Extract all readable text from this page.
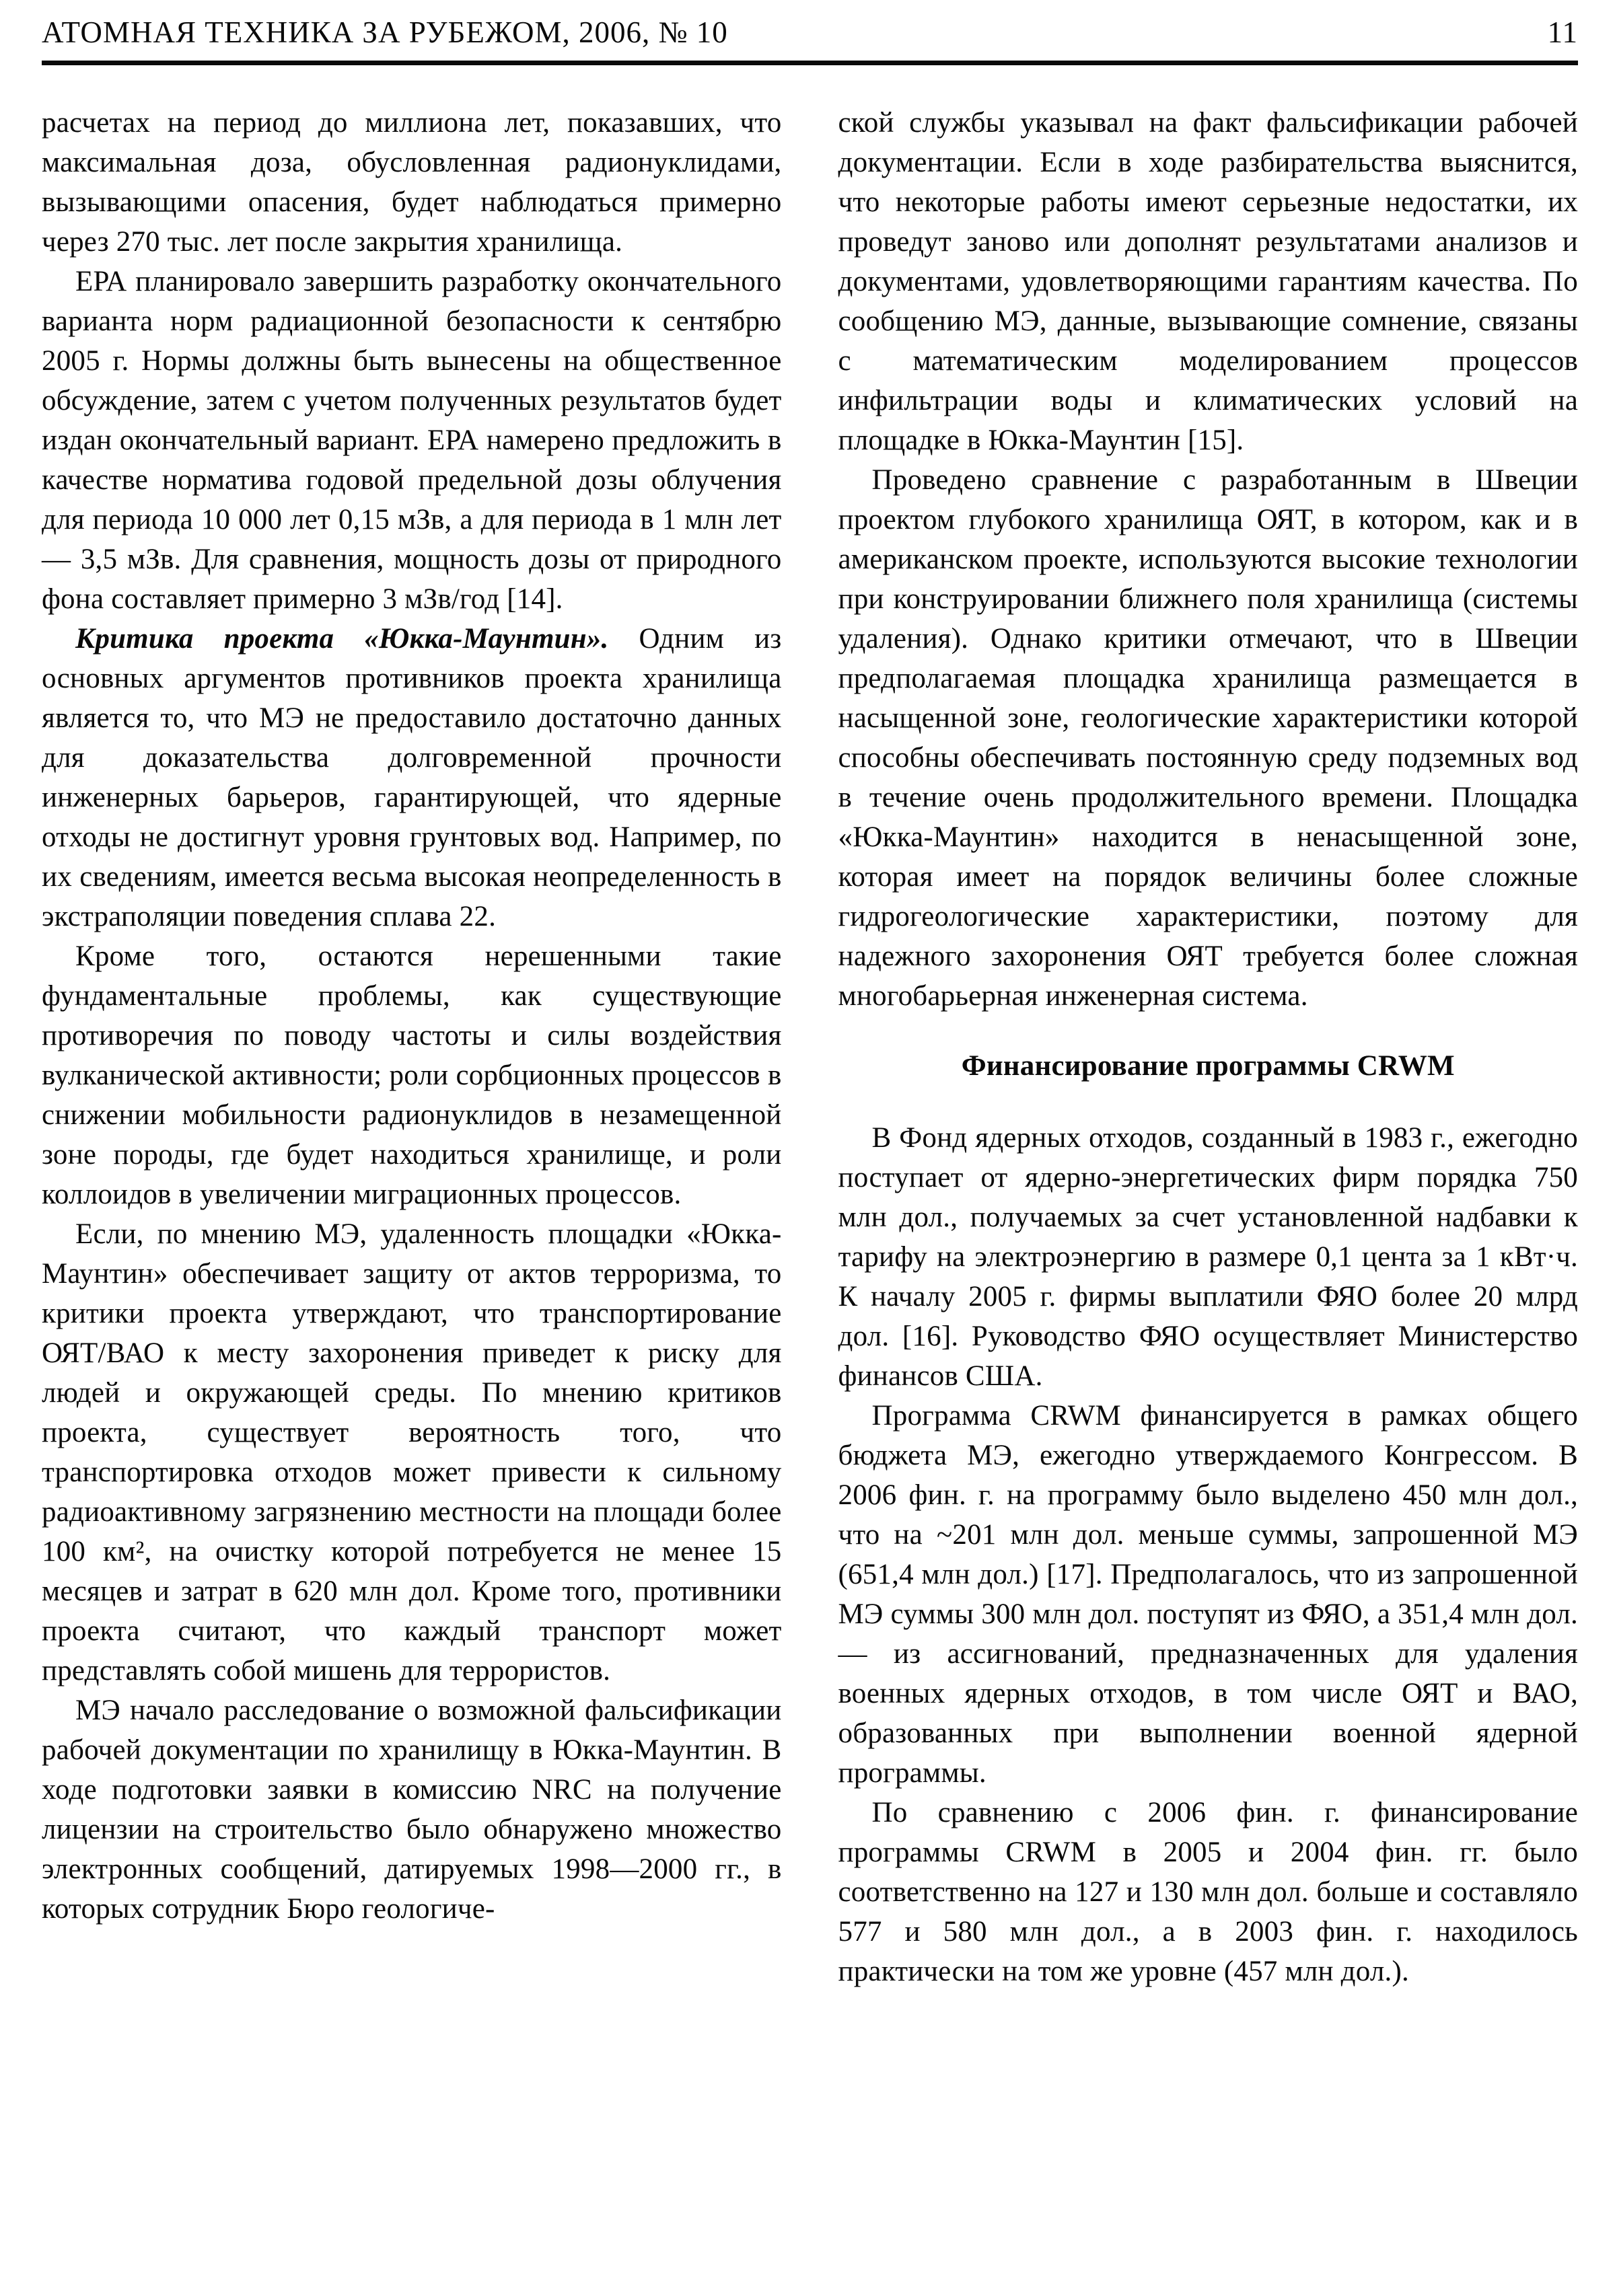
АТОМНАЯ ТЕХНИКА ЗА РУБЕЖОМ, 2006, № 10	11

расчетах на период до миллиона лет, показавших, что максимальная доза, обусловленная радионуклидами, вызывающими опасения, будет наблюдаться примерно через 270 тыс. лет после закрытия хранилища.

ЕРА планировало завершить разработку окончательного варианта норм радиационной безопасности к сентябрю 2005 г. Нормы должны быть вынесены на общественное обсуждение, затем с учетом полученных результатов будет издан окончательный вариант. ЕРА намерено предложить в качестве норматива годовой предельной дозы облучения для периода 10 000 лет 0,15 мЗв, а для периода в 1 млн лет — 3,5 мЗв. Для сравнения, мощность дозы от природного фона составляет примерно 3 мЗв/год [14].

Критика проекта «Юкка-Маунтин». Одним из основных аргументов противников проекта хранилища является то, что МЭ не предоставило достаточно данных для доказательства долговременной прочности инженерных барьеров, гарантирующей, что ядерные отходы не достигнут уровня грунтовых вод. Например, по их сведениям, имеется весьма высокая неопределенность в экстраполяции поведения сплава 22.

Кроме того, остаются нерешенными такие фундаментальные проблемы, как существующие противоречия по поводу частоты и силы воздействия вулканической активности; роли сорбционных процессов в снижении мобильности радионуклидов в незамещенной зоне породы, где будет находиться хранилище, и роли коллоидов в увеличении миграционных процессов.

Если, по мнению МЭ, удаленность площадки «Юкка-Маунтин» обеспечивает защиту от актов терроризма, то критики проекта утверждают, что транспортирование ОЯТ/ВАО к месту захоронения приведет к риску для людей и окружающей среды. По мнению критиков проекта, существует вероятность того, что транспортировка отходов может привести к сильному радиоактивному загрязнению местности на площади более 100 км², на очистку которой потребуется не менее 15 месяцев и затрат в 620 млн дол. Кроме того, противники проекта считают, что каждый транспорт может представлять собой мишень для террористов.

МЭ начало расследование о возможной фальсификации рабочей документации по хранилищу в Юкка-Маунтин. В ходе подготовки заявки в комиссию NRC на получение лицензии на строительство было обнаружено множество электронных сообщений, датируемых 1998—2000 гг., в которых сотрудник Бюро геологиче-

ской службы указывал на факт фальсификации рабочей документации. Если в ходе разбирательства выяснится, что некоторые работы имеют серьезные недостатки, их проведут заново или дополнят результатами анализов и документами, удовлетворяющими гарантиям качества. По сообщению МЭ, данные, вызывающие сомнение, связаны с математическим моделированием процессов инфильтрации воды и климатических условий на площадке в Юкка-Маунтин [15].

Проведено сравнение с разработанным в Швеции проектом глубокого хранилища ОЯТ, в котором, как и в американском проекте, используются высокие технологии при конструировании ближнего поля хранилища (системы удаления). Однако критики отмечают, что в Швеции предполагаемая площадка хранилища размещается в насыщенной зоне, геологические характеристики которой способны обеспечивать постоянную среду подземных вод в течение очень продолжительного времени. Площадка «Юкка-Маунтин» находится в ненасыщенной зоне, которая имеет на порядок величины более сложные гидрогеологические характеристики, поэтому для надежного захоронения ОЯТ требуется более сложная многобарьерная инженерная система.

Финансирование программы CRWM

В Фонд ядерных отходов, созданный в 1983 г., ежегодно поступает от ядерно-энергетических фирм порядка 750 млн дол., получаемых за счет установленной надбавки к тарифу на электроэнергию в размере 0,1 цента за 1 кВт·ч. К началу 2005 г. фирмы выплатили ФЯО более 20 млрд дол. [16]. Руководство ФЯО осуществляет Министерство финансов США.

Программа CRWM финансируется в рамках общего бюджета МЭ, ежегодно утверждаемого Конгрессом. В 2006 фин. г. на программу было выделено 450 млн дол., что на ~201 млн дол. меньше суммы, запрошенной МЭ (651,4 млн дол.) [17]. Предполагалось, что из запрошенной МЭ суммы 300 млн дол. поступят из ФЯО, а 351,4 млн дол. — из ассигнований, предназначенных для удаления военных ядерных отходов, в том числе ОЯТ и ВАО, образованных при выполнении военной ядерной программы.

По сравнению с 2006 фин. г. финансирование программы CRWM в 2005 и 2004 фин. гг. было соответственно на 127 и 130 млн дол. больше и составляло 577 и 580 млн дол., а в 2003 фин. г. находилось практически на том же уровне (457 млн дол.).
